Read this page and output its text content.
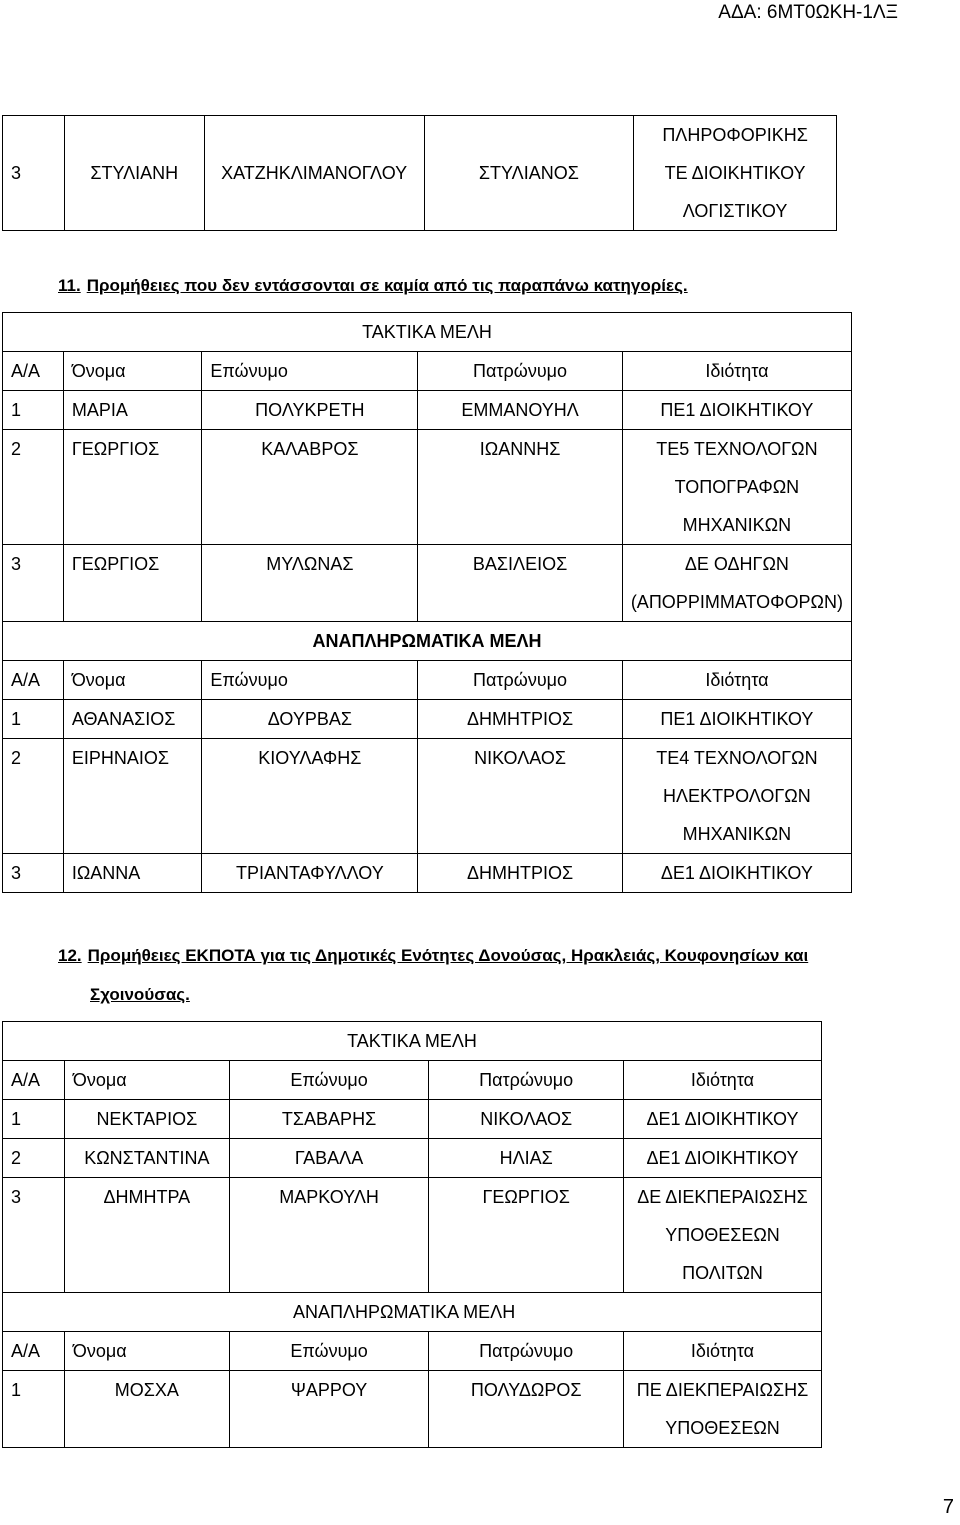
ΑΔΑ: 6ΜΤ0ΩΚΗ-1ΛΞ
				ΠΛΗΡΟΦΟΡΙΚΗΣ
3	ΣΤΥΛΙΑΝΗ	ΧΑΤΖΗΚΛΙΜΑΝΟΓΛΟΥ	ΣΤΥΛΙΑΝΟΣ	ΤΕ ΔΙΟΙΚΗΤΙΚΟΥ
				ΛΟΓΙΣΤΙΚΟΥ
11. Προμήθειες που δεν εντάσσονται σε καμία από τις παραπάνω κατηγορίες.
ΤΑΚΤΙΚΑ ΜΕΛΗ				
Α/Α	Όνομα	Επώνυμο	Πατρώνυμο	Ιδιότητα
1	ΜΑΡΙΑ	ΠΟΛΥΚΡΕΤΗ	ΕΜΜΑΝΟΥΗΛ	ΠΕ1 ΔΙΟΙΚΗΤΙΚΟΥ
2	ΓΕΩΡΓΙΟΣ	ΚΑΛΑΒΡΟΣ	ΙΩΑΝΝΗΣ	ΤΕ5 ΤΕΧΝΟΛΟΓΩΝ
				ΤΟΠΟΓΡΑΦΩΝ
				ΜΗΧΑΝΙΚΩΝ
3	ΓΕΩΡΓΙΟΣ	ΜΥΛΩΝΑΣ	ΒΑΣΙΛΕΙΟΣ	ΔΕ ΟΔΗΓΩΝ
				(ΑΠΟΡΡΙΜΜΑΤΟΦΟΡΩΝ)
ΑΝΑΠΛΗΡΩΜΑΤΙΚΑ ΜΕΛΗ				
Α/Α	Όνομα	Επώνυμο	Πατρώνυμο	Ιδιότητα
1	ΑΘΑΝΑΣΙΟΣ	ΔΟΥΡΒΑΣ	ΔΗΜΗΤΡΙΟΣ	ΠΕ1 ΔΙΟΙΚΗΤΙΚΟΥ
2	ΕΙΡΗΝΑΙΟΣ	ΚΙΟΥΛΑΦΗΣ	ΝΙΚΟΛΑΟΣ	ΤΕ4 ΤΕΧΝΟΛΟΓΩΝ
				ΗΛΕΚΤΡΟΛΟΓΩΝ
				ΜΗΧΑΝΙΚΩΝ
3	ΙΩΑΝΝΑ	ΤΡΙΑΝΤΑΦΥΛΛΟΥ	ΔΗΜΗΤΡΙΟΣ	ΔΕ1 ΔΙΟΙΚΗΤΙΚΟΥ
12. Προμήθειες ΕΚΠΟΤΑ για τις Δημοτικές Ενότητες Δονούσας, Ηρακλειάς, Κουφονησίων και
Σχοινούσας.
ΤΑΚΤΙΚΑ ΜΕΛΗ				
Α/Α	Όνομα	Επώνυμο	Πατρώνυμο	Ιδιότητα
1	ΝΕΚΤΑΡΙΟΣ	ΤΣΑΒΑΡΗΣ	ΝΙΚΟΛΑΟΣ	ΔΕ1 ΔΙΟΙΚΗΤΙΚΟΥ
2	ΚΩΝΣΤΑΝΤΙΝΑ	ΓΑΒΑΛΑ	ΗΛΙΑΣ	ΔΕ1 ΔΙΟΙΚΗΤΙΚΟΥ
3	ΔΗΜΗΤΡΑ	ΜΑΡΚΟΥΛΗ	ΓΕΩΡΓΙΟΣ	ΔΕ ΔΙΕΚΠΕΡΑΙΩΣΗΣ
				ΥΠΟΘΕΣΕΩΝ
				ΠΟΛΙΤΩΝ
ΑΝΑΠΛΗΡΩΜΑΤΙΚΑ ΜΕΛΗ				
Α/Α	Όνομα	Επώνυμο	Πατρώνυμο	Ιδιότητα
1	ΜΟΣΧΑ	ΨΑΡΡΟΥ	ΠΟΛΥΔΩΡΟΣ	ΠΕ ΔΙΕΚΠΕΡΑΙΩΣΗΣ
				ΥΠΟΘΕΣΕΩΝ
7
